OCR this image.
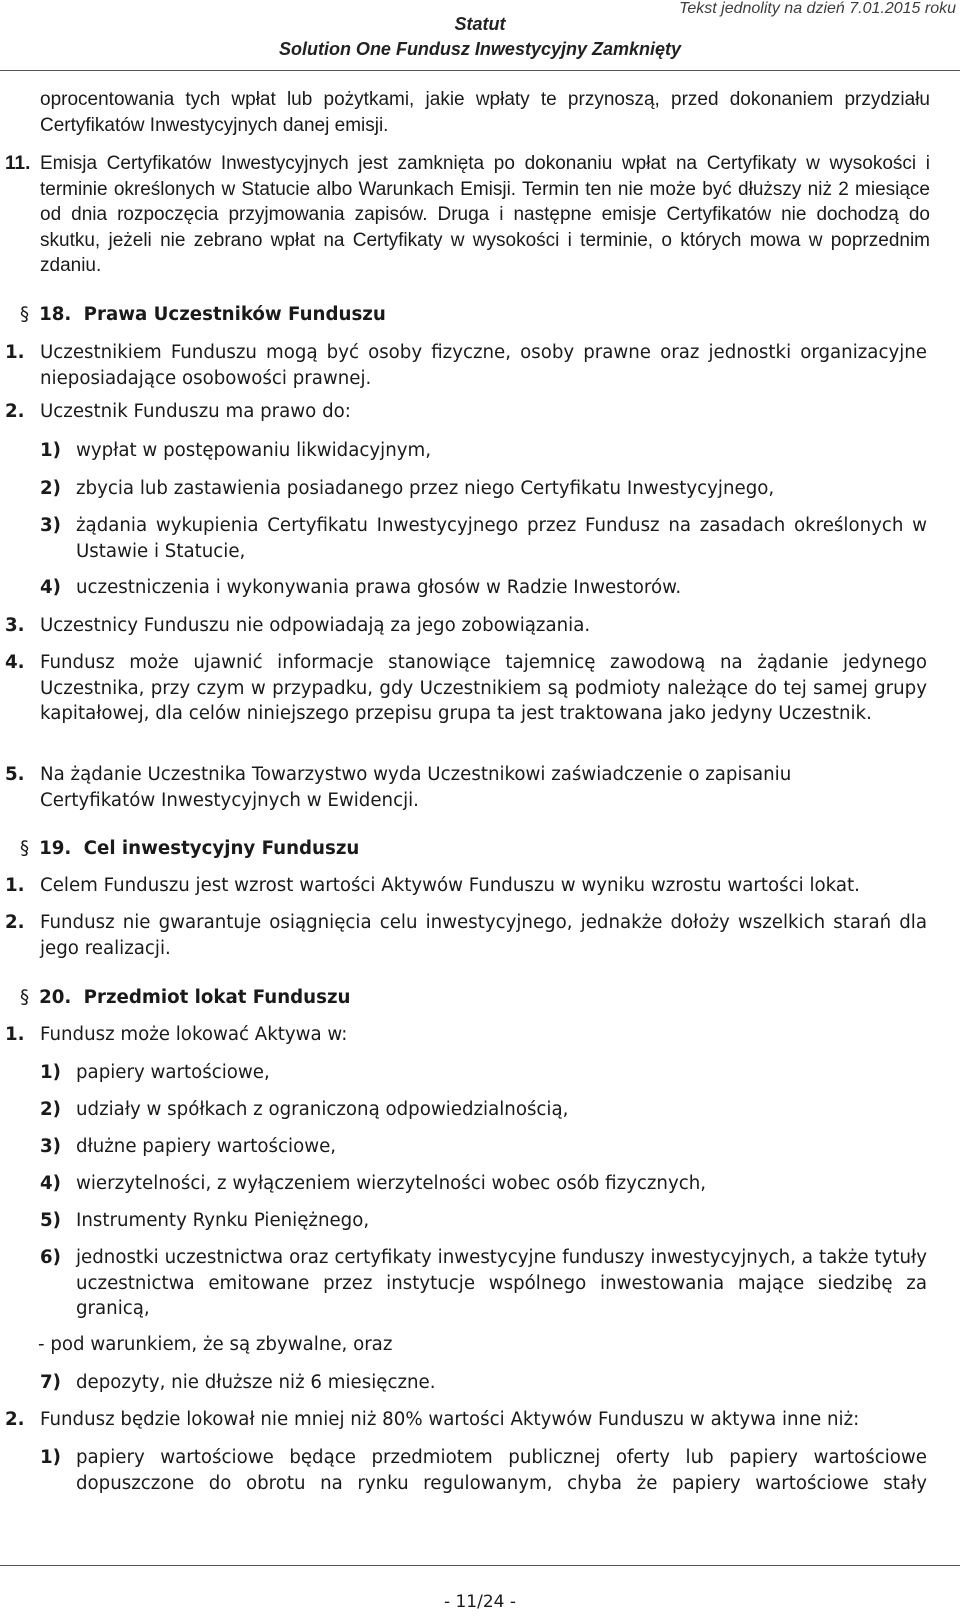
Tekst jednolity na dzień 7.01.2015 roku
Statut
Solution One Fundusz Inwestycyjny Zamknięty
oprocentowania tych wpłat lub pożytkami, jakie wpłaty te przynoszą, przed dokonaniem przydziału Certyfikatów Inwestycyjnych danej emisji.
11. Emisja Certyfikatów Inwestycyjnych jest zamknięta po dokonaniu wpłat na Certyfikaty w wysokości i terminie określonych w Statucie albo Warunkach Emisji. Termin ten nie może być dłuższy niż 2 miesiące od dnia rozpoczęcia przyjmowania zapisów. Druga i następne emisje Certyfikatów nie dochodzą do skutku, jeżeli nie zebrano wpłat na Certyfikaty w wysokości i terminie, o których mowa w poprzednim zdaniu.
§ 18. Prawa Uczestników Funduszu
1. Uczestnikiem Funduszu mogą być osoby fizyczne, osoby prawne oraz jednostki organizacyjne nieposiadające osobowości prawnej.
2. Uczestnik Funduszu ma prawo do:
1) wypłat w postępowaniu likwidacyjnym,
2) zbycia lub zastawienia posiadanego przez niego Certyfikatu Inwestycyjnego,
3) żądania wykupienia Certyfikatu Inwestycyjnego przez Fundusz na zasadach określonych w Ustawie i Statucie,
4) uczestniczenia i wykonywania prawa głosów w Radzie Inwestorów.
3. Uczestnicy Funduszu nie odpowiadają za jego zobowiązania.
4. Fundusz może ujawnić informacje stanowiące tajemnicę zawodową na żądanie jedynego Uczestnika, przy czym w przypadku, gdy Uczestnikiem są podmioty należące do tej samej grupy kapitałowej, dla celów niniejszego przepisu grupa ta jest traktowana jako jedyny Uczestnik.
5. Na żądanie Uczestnika Towarzystwo wyda Uczestnikowi zaświadczenie o zapisaniu Certyfikatów Inwestycyjnych w Ewidencji.
§ 19. Cel inwestycyjny Funduszu
1. Celem Funduszu jest wzrost wartości Aktywów Funduszu w wyniku wzrostu wartości lokat.
2. Fundusz nie gwarantuje osiągnięcia celu inwestycyjnego, jednakże dołoży wszelkich starań dla jego realizacji.
§ 20. Przedmiot lokat Funduszu
1. Fundusz może lokować Aktywa w:
1) papiery wartościowe,
2) udziały w spółkach z ograniczoną odpowiedzialnością,
3) dłużne papiery wartościowe,
4) wierzytelności, z wyłączeniem wierzytelności wobec osób fizycznych,
5) Instrumenty Rynku Pieniężnego,
6) jednostki uczestnictwa oraz certyfikaty inwestycyjne funduszy inwestycyjnych, a także tytuły uczestnictwa emitowane przez instytucje wspólnego inwestowania mające siedzibę za granicą,
- pod warunkiem, że są zbywalne, oraz
7) depozyty, nie dłuższe niż 6 miesięczne.
2. Fundusz będzie lokował nie mniej niż 80% wartości Aktywów Funduszu w aktywa inne niż:
1) papiery wartościowe będące przedmiotem publicznej oferty lub papiery wartościowe dopuszczone do obrotu na rynku regulowanym, chyba że papiery wartościowe stały
- 11/24 -
